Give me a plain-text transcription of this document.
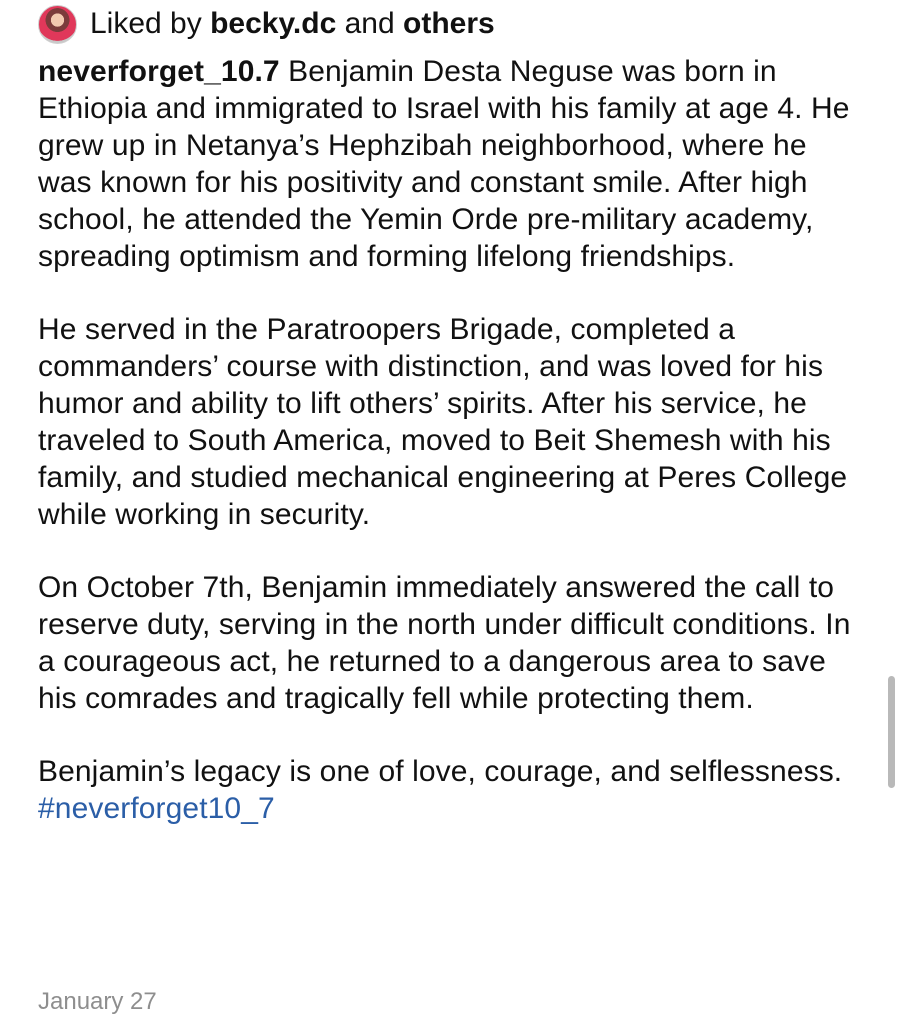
Liked by becky.dc and others

neverforget_10.7 Benjamin Desta Neguse was born in Ethiopia and immigrated to Israel with his family at age 4. He grew up in Netanya’s Hephzibah neighborhood, where he was known for his positivity and constant smile. After high school, he attended the Yemin Orde pre-military academy, spreading optimism and forming lifelong friendships.

He served in the Paratroopers Brigade, completed a commanders’ course with distinction, and was loved for his humor and ability to lift others’ spirits. After his service, he traveled to South America, moved to Beit Shemesh with his family, and studied mechanical engineering at Peres College while working in security.

On October 7th, Benjamin immediately answered the call to reserve duty, serving in the north under difficult conditions. In a courageous act, he returned to a dangerous area to save his comrades and tragically fell while protecting them.

Benjamin’s legacy is one of love, courage, and selflessness.

#neverforget10_7
January 27
